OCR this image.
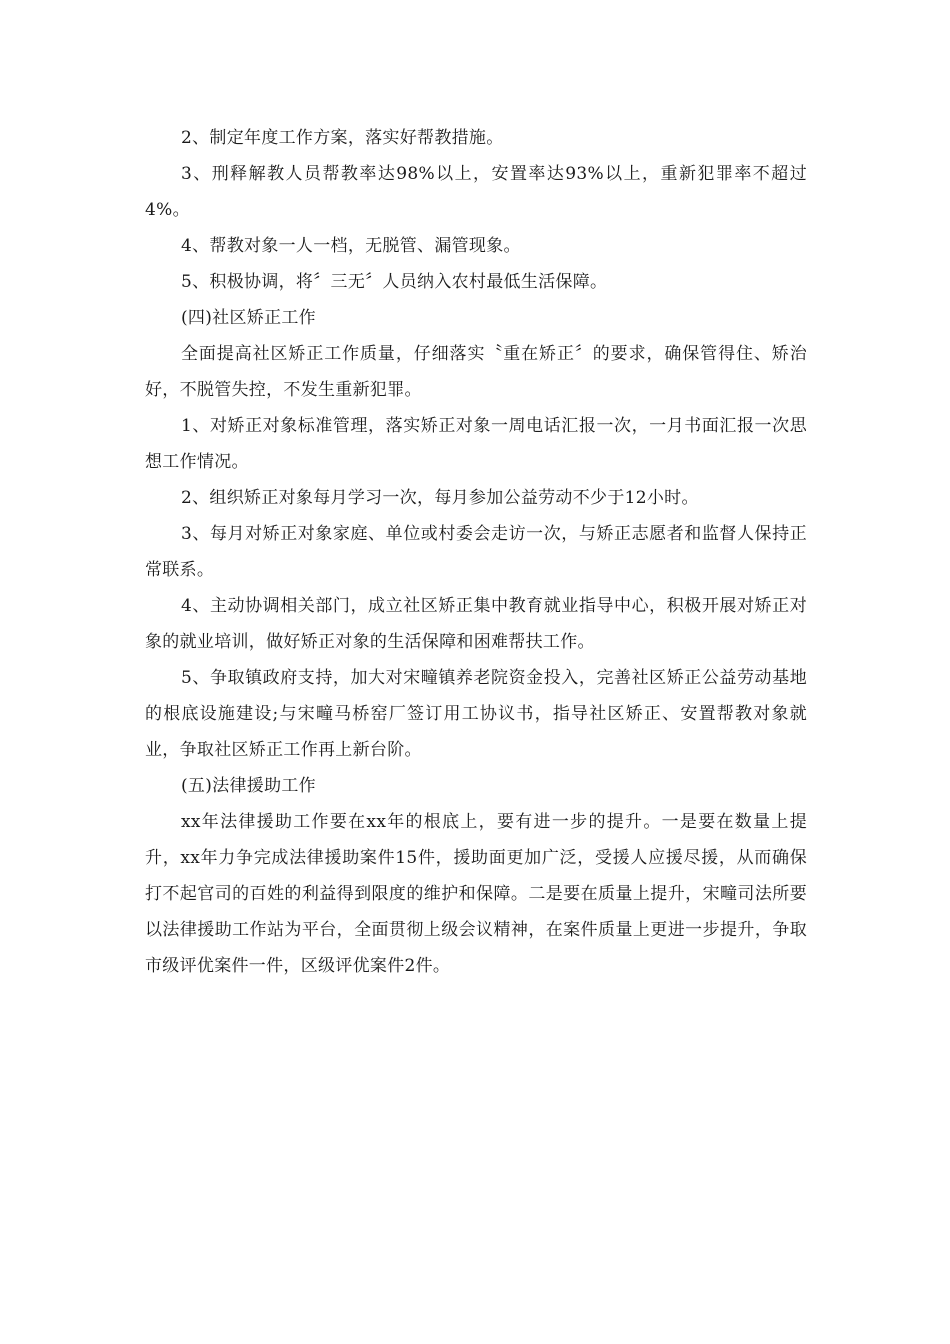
2、制定年度工作方案，落实好帮教措施。

3、刑释解教人员帮教率达98%以上，安置率达93%以上，重新犯罪率不超过4%。

4、帮教对象一人一档，无脱管、漏管现象。

5、积极协调，将〞三无〞人员纳入农村最低生活保障。

(四)社区矫正工作

全面提高社区矫正工作质量，仔细落实〝重在矫正〞的要求，确保管得住、矫治好，不脱管失控，不发生重新犯罪。

1、对矫正对象标准管理，落实矫正对象一周电话汇报一次，一月书面汇报一次思想工作情况。

2、组织矫正对象每月学习一次，每月参加公益劳动不少于12小时。

3、每月对矫正对象家庭、单位或村委会走访一次，与矫正志愿者和监督人保持正常联系。

4、主动协调相关部门，成立社区矫正集中教育就业指导中心，积极开展对矫正对象的就业培训，做好矫正对象的生活保障和困难帮扶工作。

5、争取镇政府支持，加大对宋疃镇养老院资金投入，完善社区矫正公益劳动基地的根底设施建设;与宋疃马桥窑厂签订用工协议书，指导社区矫正、安置帮教对象就业，争取社区矫正工作再上新台阶。

(五)法律援助工作

xx年法律援助工作要在xx年的根底上，要有进一步的提升。一是要在数量上提升，xx年力争完成法律援助案件15件，援助面更加广泛，受援人应援尽援，从而确保打不起官司的百姓的利益得到限度的维护和保障。二是要在质量上提升，宋疃司法所要以法律援助工作站为平台，全面贯彻上级会议精神，在案件质量上更进一步提升，争取市级评优案件一件，区级评优案件2件。
